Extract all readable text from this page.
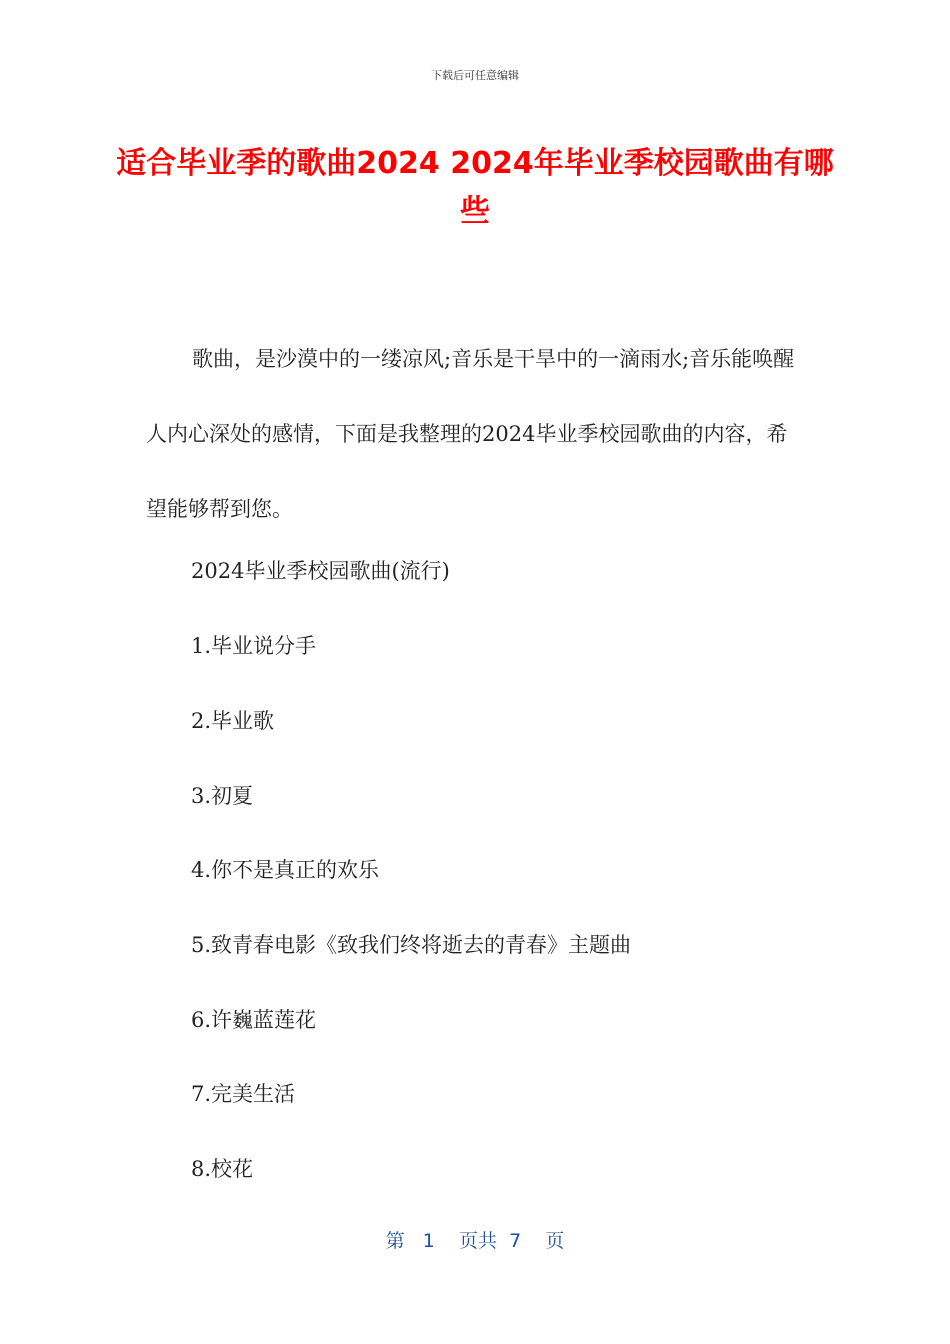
下载后可任意编辑
适合毕业季的歌曲2024 2024年毕业季校园歌曲有哪些
歌曲，是沙漠中的一缕凉风;音乐是干旱中的一滴雨水;音乐能唤醒人内心深处的感情，下面是我整理的2024毕业季校园歌曲的内容，希望能够帮到您。
2024毕业季校园歌曲(流行)
1.毕业说分手
2.毕业歌
3.初夏
4.你不是真正的欢乐
5.致青春电影《致我们终将逝去的青春》主题曲
6.许巍蓝莲花
7.完美生活
8.校花
第 1 页共 7 页
